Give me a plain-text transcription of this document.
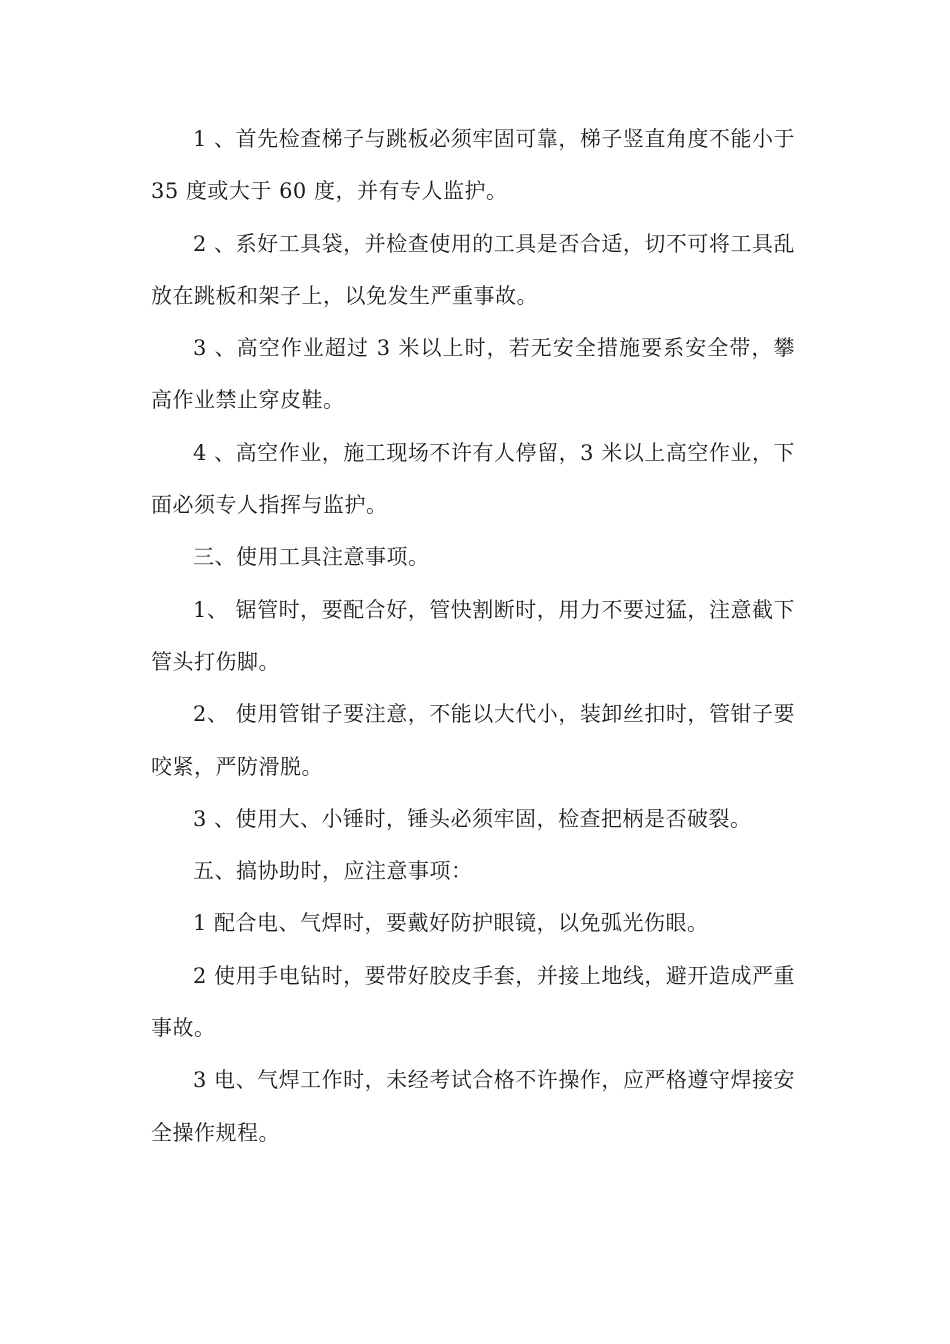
1 、首先检查梯子与跳板必须牢固可靠，梯子竖直角度不能小于 35 度或大于 60 度，并有专人监护。

2 、系好工具袋，并检查使用的工具是否合适，切不可将工具乱放在跳板和架子上，以免发生严重事故。

3 、高空作业超过 3 米以上时，若无安全措施要系安全带，攀高作业禁止穿皮鞋。

4 、高空作业，施工现场不许有人停留，3 米以上高空作业，下面必须专人指挥与监护。

三、使用工具注意事项。

1、 锯管时，要配合好，管快割断时，用力不要过猛，注意截下管头打伤脚。

2、 使用管钳子要注意，不能以大代小，装卸丝扣时，管钳子要咬紧，严防滑脱。

3 、使用大、小锤时，锤头必须牢固，检查把柄是否破裂。

五、搞协助时，应注意事项：

1 配合电、气焊时，要戴好防护眼镜，以免弧光伤眼。

2 使用手电钻时，要带好胶皮手套，并接上地线，避开造成严重事故。

3 电、气焊工作时，未经考试合格不许操作，应严格遵守焊接安全操作规程。
